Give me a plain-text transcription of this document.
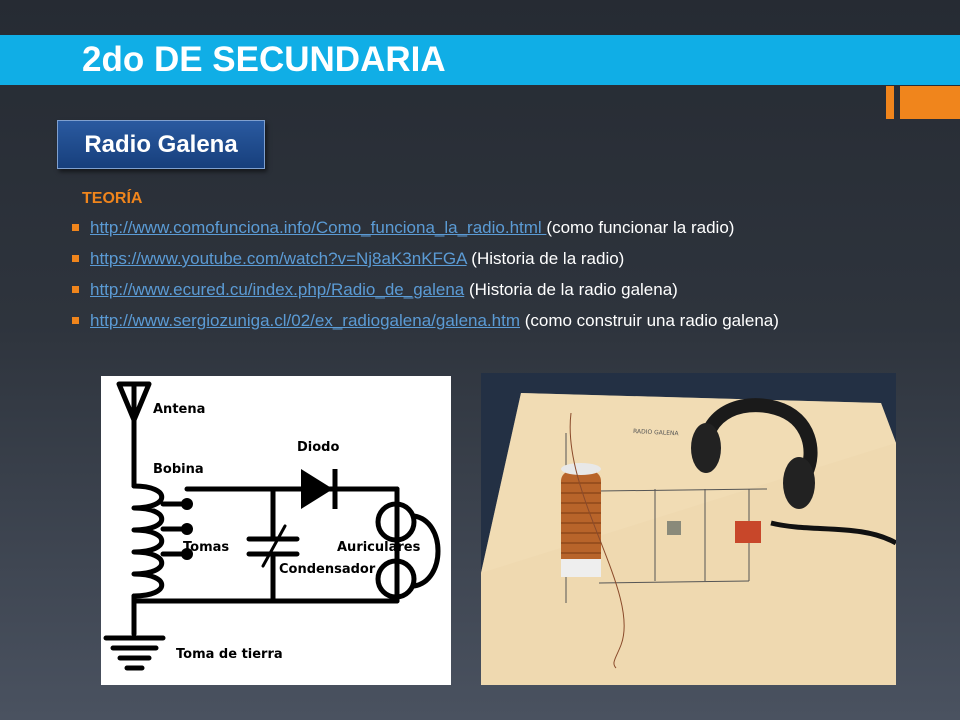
2do DE SECUNDARIA
Radio Galena
TEORÍA
http://www.comofunciona.info/Como_funciona_la_radio.html (como funcionar la radio)
https://www.youtube.com/watch?v=Nj8aK3nKFGA (Historia de la radio)
http://www.ecured.cu/index.php/Radio_de_galena (Historia de la radio galena)
http://www.sergiozuniga.cl/02/ex_radiogalena/galena.htm (como construir una radio galena)
Antena
Bobina
Diodo
Tomas	Auriculares
Condensador
Toma de tierra
RADIO GALENA
